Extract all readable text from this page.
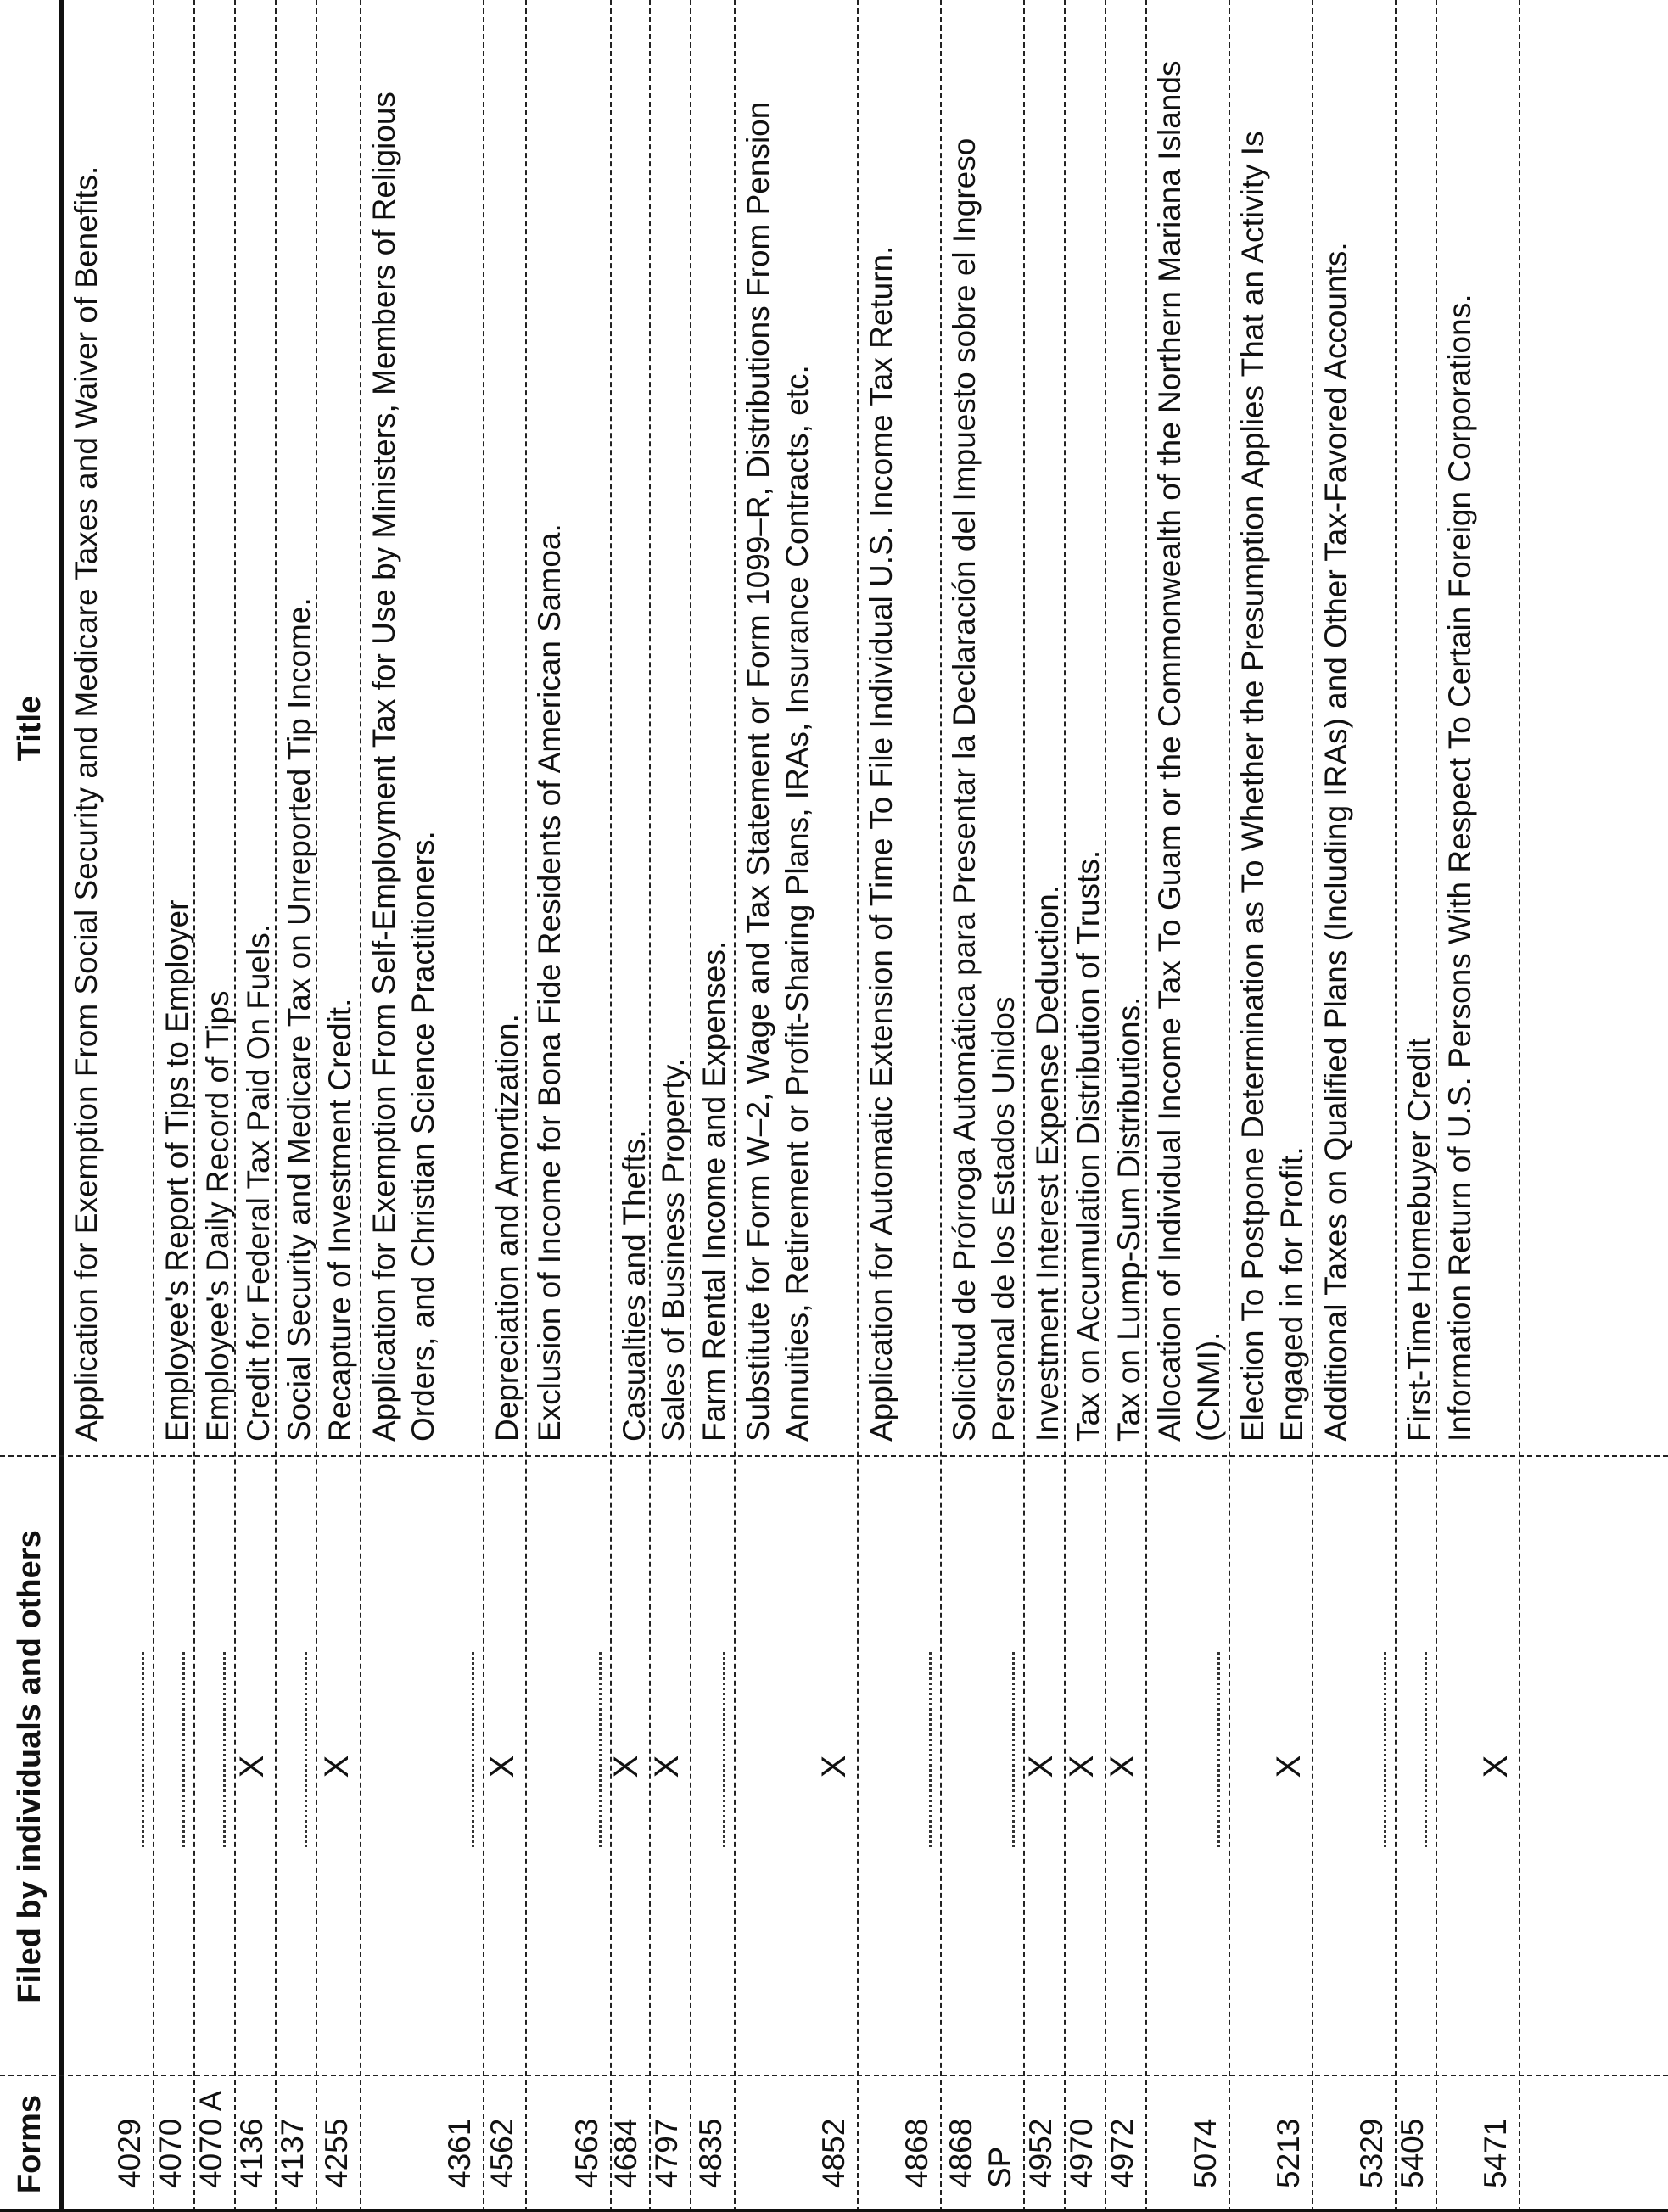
Forms
Filed by individuals and others
Title
4029
Application for Exemption From Social Security and Medicare Taxes and Waiver of Benefits.
4070
Employee's Report of Tips to Employer
4070 A
Employee's Daily Record of Tips
4136
X
Credit for Federal Tax Paid On Fuels.
4137
Social Security and Medicare Tax on Unreported Tip Income.
4255
X
Recapture of Investment Credit.
4361
Application for Exemption From Self-Employment Tax for Use by Ministers, Members of Religious Orders, and Christian Science Practitioners.
4562
X
Depreciation and Amortization.
4563
Exclusion of Income for Bona Fide Residents of American Samoa.
4684
X
Casualties and Thefts.
4797
X
Sales of Business Property.
4835
Farm Rental Income and Expenses.
4852
X
Substitute for Form W–2, Wage and Tax Statement or Form 1099–R, Distributions From Pension Annuities, Retirement or Profit-Sharing Plans, IRAs, Insurance Contracts, etc.
4868
Application for Automatic Extension of Time To File Individual U.S. Income Tax Return.
4868 SP
Solicitud de Prórroga Automática para Presentar la Declaración del Impuesto sobre el Ingreso Personal de los Estados Unidos
4952
X
Investment Interest Expense Deduction.
4970
X
Tax on Accumulation Distribution of Trusts.
4972
X
Tax on Lump-Sum Distributions.
5074
Allocation of Individual Income Tax To Guam or the Commonwealth of the Northern Mariana Islands (CNMI).
5213
X
Election To Postpone Determination as To Whether the Presumption Applies That an Activity Is Engaged in for Profit.
5329
Additional Taxes on Qualified Plans (Including IRAs) and Other Tax-Favored Accounts.
5405
First-Time Homebuyer Credit
5471
X
Information Return of U.S. Persons With Respect To Certain Foreign Corporations.
